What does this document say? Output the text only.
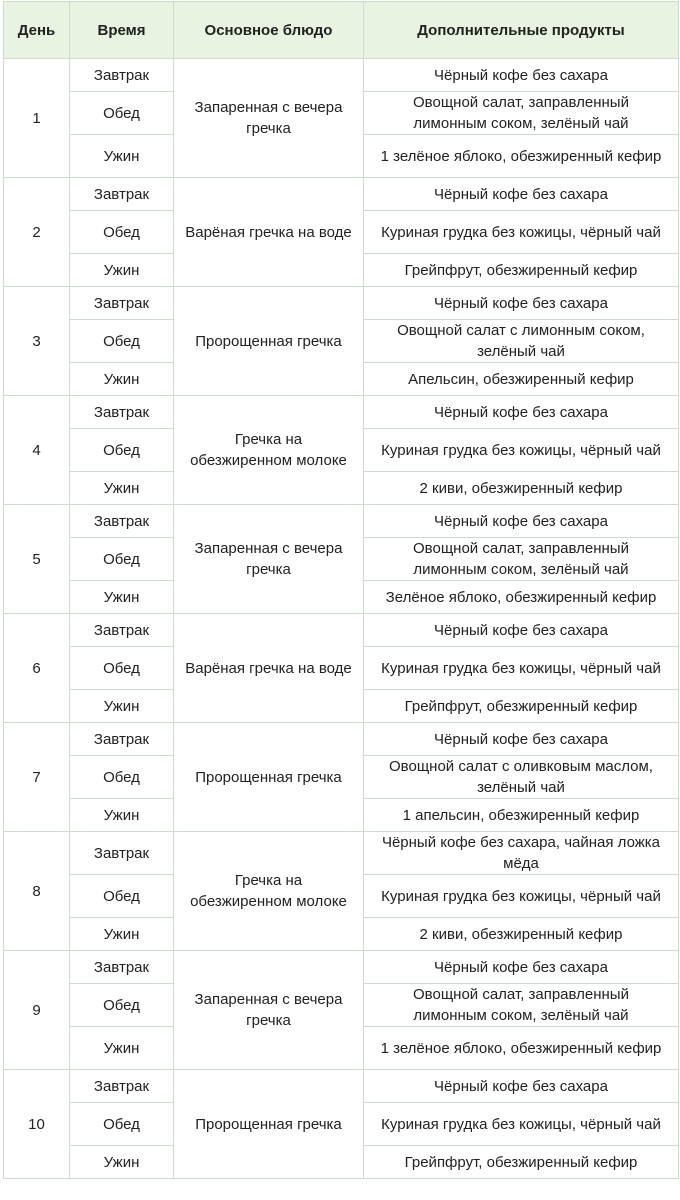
День	Время	Основное блюдо	Дополнительные продукты
1	Завтрак	Запаренная с вечера гречка	Чёрный кофе без сахара
	Обед		Овощной салат, заправленный лимонным соком, зелёный чай
	Ужин		1 зелёное яблоко, обезжиренный кефир
2	Завтрак	Варёная гречка на воде	Чёрный кофе без сахара
	Обед		Куриная грудка без кожицы, чёрный чай
	Ужин		Грейпфрут, обезжиренный кефир
3	Завтрак	Пророщенная гречка	Чёрный кофе без сахара
	Обед		Овощной салат с лимонным соком, зелёный чай
	Ужин		Апельсин, обезжиренный кефир
4	Завтрак	Гречка на обезжиренном молоке	Чёрный кофе без сахара
	Обед		Куриная грудка без кожицы, чёрный чай
	Ужин		2 киви, обезжиренный кефир
5	Завтрак	Запаренная с вечера гречка	Чёрный кофе без сахара
	Обед		Овощной салат, заправленный лимонным соком, зелёный чай
	Ужин		Зелёное яблоко, обезжиренный кефир
6	Завтрак	Варёная гречка на воде	Чёрный кофе без сахара
	Обед		Куриная грудка без кожицы, чёрный чай
	Ужин		Грейпфрут, обезжиренный кефир
7	Завтрак	Пророщенная гречка	Чёрный кофе без сахара
	Обед		Овощной салат с оливковым маслом, зелёный чай
	Ужин		1 апельсин, обезжиренный кефир
8	Завтрак	Гречка на обезжиренном молоке	Чёрный кофе без сахара, чайная ложка мёда
	Обед		Куриная грудка без кожицы, чёрный чай
	Ужин		2 киви, обезжиренный кефир
9	Завтрак	Запаренная с вечера гречка	Чёрный кофе без сахара
	Обед		Овощной салат, заправленный лимонным соком, зелёный чай
	Ужин		1 зелёное яблоко, обезжиренный кефир
10	Завтрак	Пророщенная гречка	Чёрный кофе без сахара
	Обед		Куриная грудка без кожицы, чёрный чай
	Ужин		Грейпфрут, обезжиренный кефир
